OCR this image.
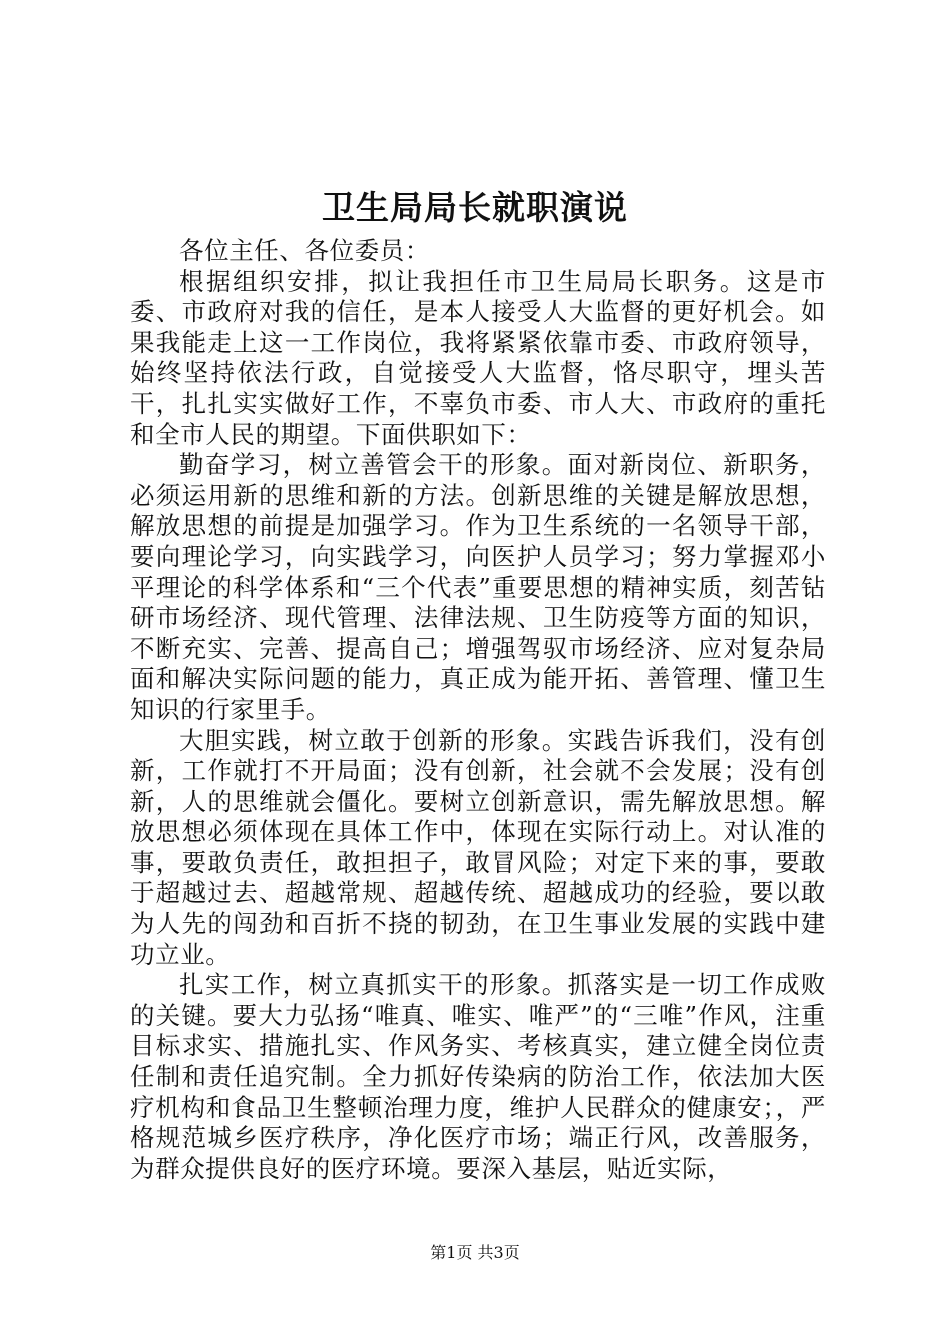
卫生局局长就职演说

各位主任、各位委员：

根据组织安排，拟让我担任市卫生局局长职务。这是市委、市政府对我的信任，是本人接受人大监督的更好机会。如果我能走上这一工作岗位，我将紧紧依靠市委、市政府领导，始终坚持依法行政，自觉接受人大监督，恪尽职守，埋头苦干，扎扎实实做好工作，不辜负市委、市人大、市政府的重托和全市人民的期望。下面供职如下：

勤奋学习，树立善管会干的形象。面对新岗位、新职务，必须运用新的思维和新的方法。创新思维的关键是解放思想，解放思想的前提是加强学习。作为卫生系统的一名领导干部，要向理论学习，向实践学习，向医护人员学习；努力掌握邓小平理论的科学体系和“三个代表”重要思想的精神实质，刻苦钻研市场经济、现代管理、法律法规、卫生防疫等方面的知识，不断充实、完善、提高自己；增强驾驭市场经济、应对复杂局面和解决实际问题的能力，真正成为能开拓、善管理、懂卫生知识的行家里手。

大胆实践，树立敢于创新的形象。实践告诉我们，没有创新，工作就打不开局面；没有创新，社会就不会发展；没有创新，人的思维就会僵化。要树立创新意识，需先解放思想。解放思想必须体现在具体工作中，体现在实际行动上。对认准的事，要敢负责任，敢担担子，敢冒风险；对定下来的事，要敢于超越过去、超越常规、超越传统、超越成功的经验，要以敢为人先的闯劲和百折不挠的韧劲，在卫生事业发展的实践中建功立业。

扎实工作，树立真抓实干的形象。抓落实是一切工作成败的关键。要大力弘扬“唯真、唯实、唯严”的“三唯”作风，注重目标求实、措施扎实、作风务实、考核真实，建立健全岗位责任制和责任追究制。全力抓好传染病的防治工作，依法加大医疗机构和食品卫生整顿治理力度，维护人民群众的健康安；，严格规范城乡医疗秩序，净化医疗市场；端正行风，改善服务，为群众提供良好的医疗环境。要深入基层，贴近实际，

第1页 共3页
